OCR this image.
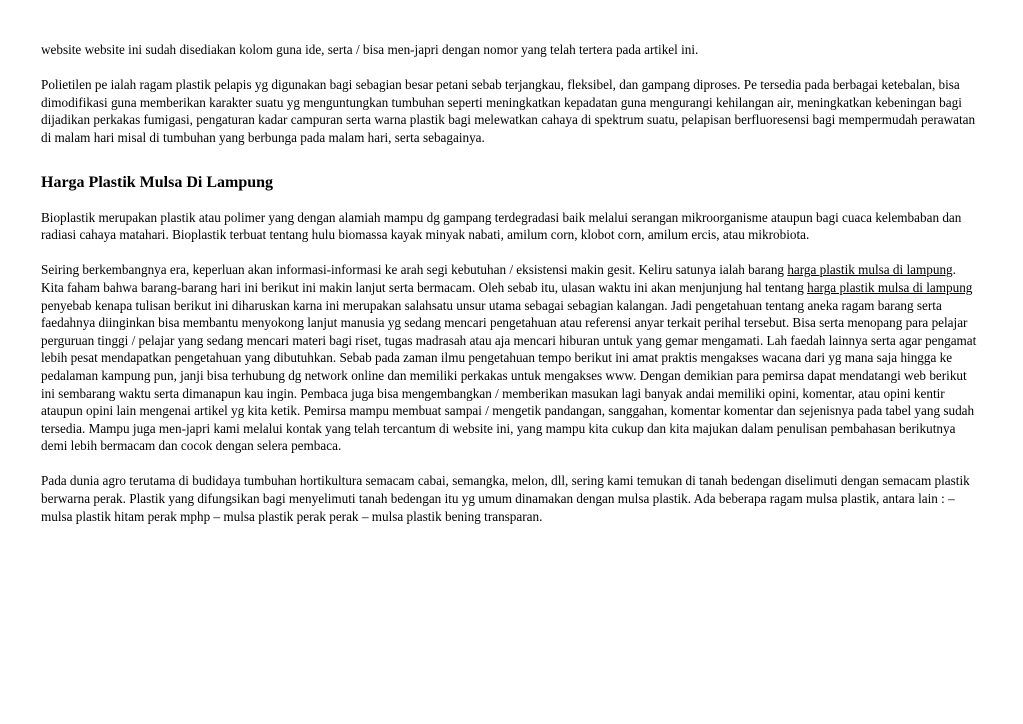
website website ini sudah disediakan kolom guna ide, serta / bisa men-japri dengan nomor yang telah tertera pada artikel ini.

Polietilen pe ialah ragam plastik pelapis yg digunakan bagi sebagian besar petani sebab terjangkau, fleksibel, dan gampang diproses. Pe tersedia pada berbagai ketebalan, bisa dimodifikasi guna memberikan karakter suatu yg menguntungkan tumbuhan seperti meningkatkan kepadatan guna mengurangi kehilangan air, meningkatkan kebeningan bagi dijadikan perkakas fumigasi, pengaturan kadar campuran serta warna plastik bagi melewatkan cahaya di spektrum suatu, pelapisan berfluoresensi bagi mempermudah perawatan di malam hari misal di tumbuhan yang berbunga pada malam hari, serta sebagainya.

Harga Plastik Mulsa Di Lampung

Bioplastik merupakan plastik atau polimer yang dengan alamiah mampu dg gampang terdegradasi baik melalui serangan mikroorganisme ataupun bagi cuaca kelembaban dan radiasi cahaya matahari. Bioplastik terbuat tentang hulu biomassa kayak minyak nabati, amilum corn, klobot corn, amilum ercis, atau mikrobiota.

Seiring berkembangnya era, keperluan akan informasi-informasi ke arah segi kebutuhan / eksistensi makin gesit. Keliru satunya ialah barang harga plastik mulsa di lampung. Kita faham bahwa barang-barang hari ini berikut ini makin lanjut serta bermacam. Oleh sebab itu, ulasan waktu ini akan menjunjung hal tentang harga plastik mulsa di lampung penyebab kenapa tulisan berikut ini diharuskan karna ini merupakan salahsatu unsur utama sebagai sebagian kalangan. Jadi pengetahuan tentang aneka ragam barang serta faedahnya diinginkan bisa membantu menyokong lanjut manusia yg sedang mencari pengetahuan atau referensi anyar terkait perihal tersebut. Bisa serta menopang para pelajar perguruan tinggi / pelajar yang sedang mencari materi bagi riset, tugas madrasah atau aja mencari hiburan untuk yang gemar mengamati. Lah faedah lainnya serta agar pengamat lebih pesat mendapatkan pengetahuan yang dibutuhkan. Sebab pada zaman ilmu pengetahuan tempo berikut ini amat praktis mengakses wacana dari yg mana saja hingga ke pedalaman kampung pun, janji bisa terhubung dg network online dan memiliki perkakas untuk mengakses www. Dengan demikian para pemirsa dapat mendatangi web berikut ini sembarang waktu serta dimanapun kau ingin. Pembaca juga bisa mengembangkan / memberikan masukan lagi banyak andai memiliki opini, komentar, atau opini kentir ataupun opini lain mengenai artikel yg kita ketik. Pemirsa mampu membuat sampai / mengetik pandangan, sanggahan, komentar komentar dan sejenisnya pada tabel yang sudah tersedia. Mampu juga men-japri kami melalui kontak yang telah tercantum di website ini, yang mampu kita cukup dan kita majukan dalam penulisan pembahasan berikutnya demi lebih bermacam dan cocok dengan selera pembaca.

Pada dunia agro terutama di budidaya tumbuhan hortikultura semacam cabai, semangka, melon, dll, sering kami temukan di tanah bedengan diselimuti dengan semacam plastik berwarna perak. Plastik yang difungsikan bagi menyelimuti tanah bedengan itu yg umum dinamakan dengan mulsa plastik. Ada beberapa ragam mulsa plastik, antara lain : – mulsa plastik hitam perak mphp – mulsa plastik perak perak – mulsa plastik bening transparan.
